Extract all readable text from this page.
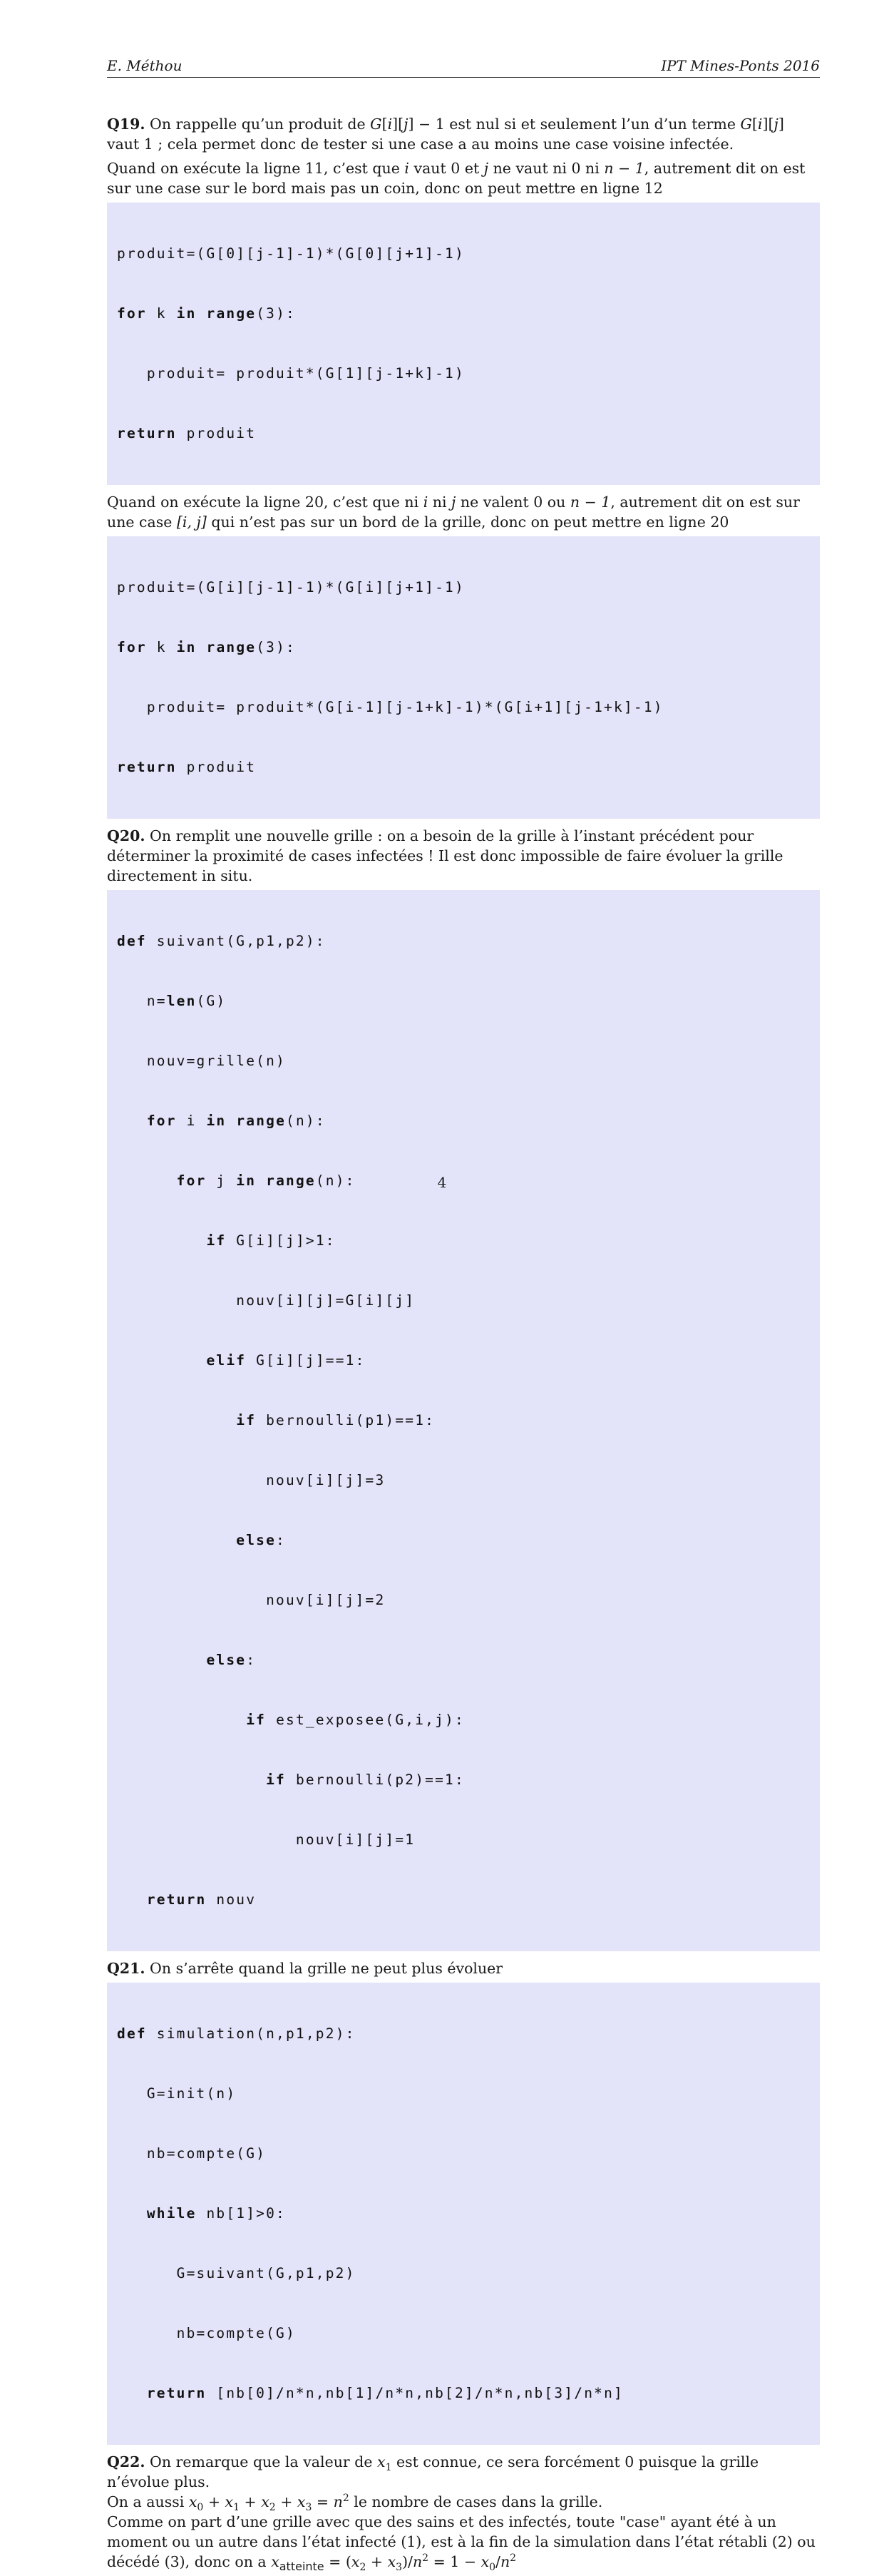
E. Méthou	IPT Mines-Ponts 2016

Q19. On rappelle qu’un produit de G[i][j] − 1 est nul si et seulement l’un d’un terme G[i][j] vaut 1 ; cela permet donc de tester si une case a au moins une case voisine infectée.

Quand on exécute la ligne 11, c’est que i vaut 0 et j ne vaut ni 0 ni n − 1, autrement dit on est sur une case sur le bord mais pas un coin, donc on peut mettre en ligne 12

produit=(G[0][j-1]-1)*(G[0][j+1]-1)

for k in range(3):

produit= produit*(G[1][j-1+k]-1)

return produit

Quand on exécute la ligne 20, c’est que ni i ni j ne valent 0 ou n − 1, autrement dit on est sur une case [i, j] qui n’est pas sur un bord de la grille, donc on peut mettre en ligne 20

produit=(G[i][j-1]-1)*(G[i][j+1]-1)

for k in range(3):

produit= produit*(G[i-1][j-1+k]-1)*(G[i+1][j-1+k]-1)

return produit

Q20. On remplit une nouvelle grille : on a besoin de la grille à l’instant précédent pour déterminer la proximité de cases infectées ! Il est donc impossible de faire évoluer la grille directement in situ.

def suivant(G,p1,p2):

n=len(G)

nouv=grille(n)

for i in range(n):

for j in range(n):

if G[i][j]>1:

nouv[i][j]=G[i][j]

elif G[i][j]==1:

if bernoulli(p1)==1:

nouv[i][j]=3

else:

nouv[i][j]=2

else:

if est_exposee(G,i,j):

if bernoulli(p2)==1:

nouv[i][j]=1

return nouv

Q21. On s’arrête quand la grille ne peut plus évoluer

def simulation(n,p1,p2):

G=init(n)

nb=compte(G)

while nb[1]>0:

G=suivant(G,p1,p2)

nb=compte(G)

return [nb[0]/n*n,nb[1]/n*n,nb[2]/n*n,nb[3]/n*n]

Q22. On remarque que la valeur de $x_1$ est connue, ce sera forcément 0 puisque la grille n’évolue plus.
On a aussi $x_0 + x_1 + x_2 + x_3 = n^2$ le nombre de cases dans la grille.
Comme on part d’une grille avec que des sains et des infectés, toute "case" ayant été à un moment ou un autre dans l’état infecté (1), est à la fin de la simulation dans l’état rétabli (2) ou décédé (3), donc on a $x_{atteinte} = (x_2 + x_3)/n^2 = 1 - x_0/n^2$

4
